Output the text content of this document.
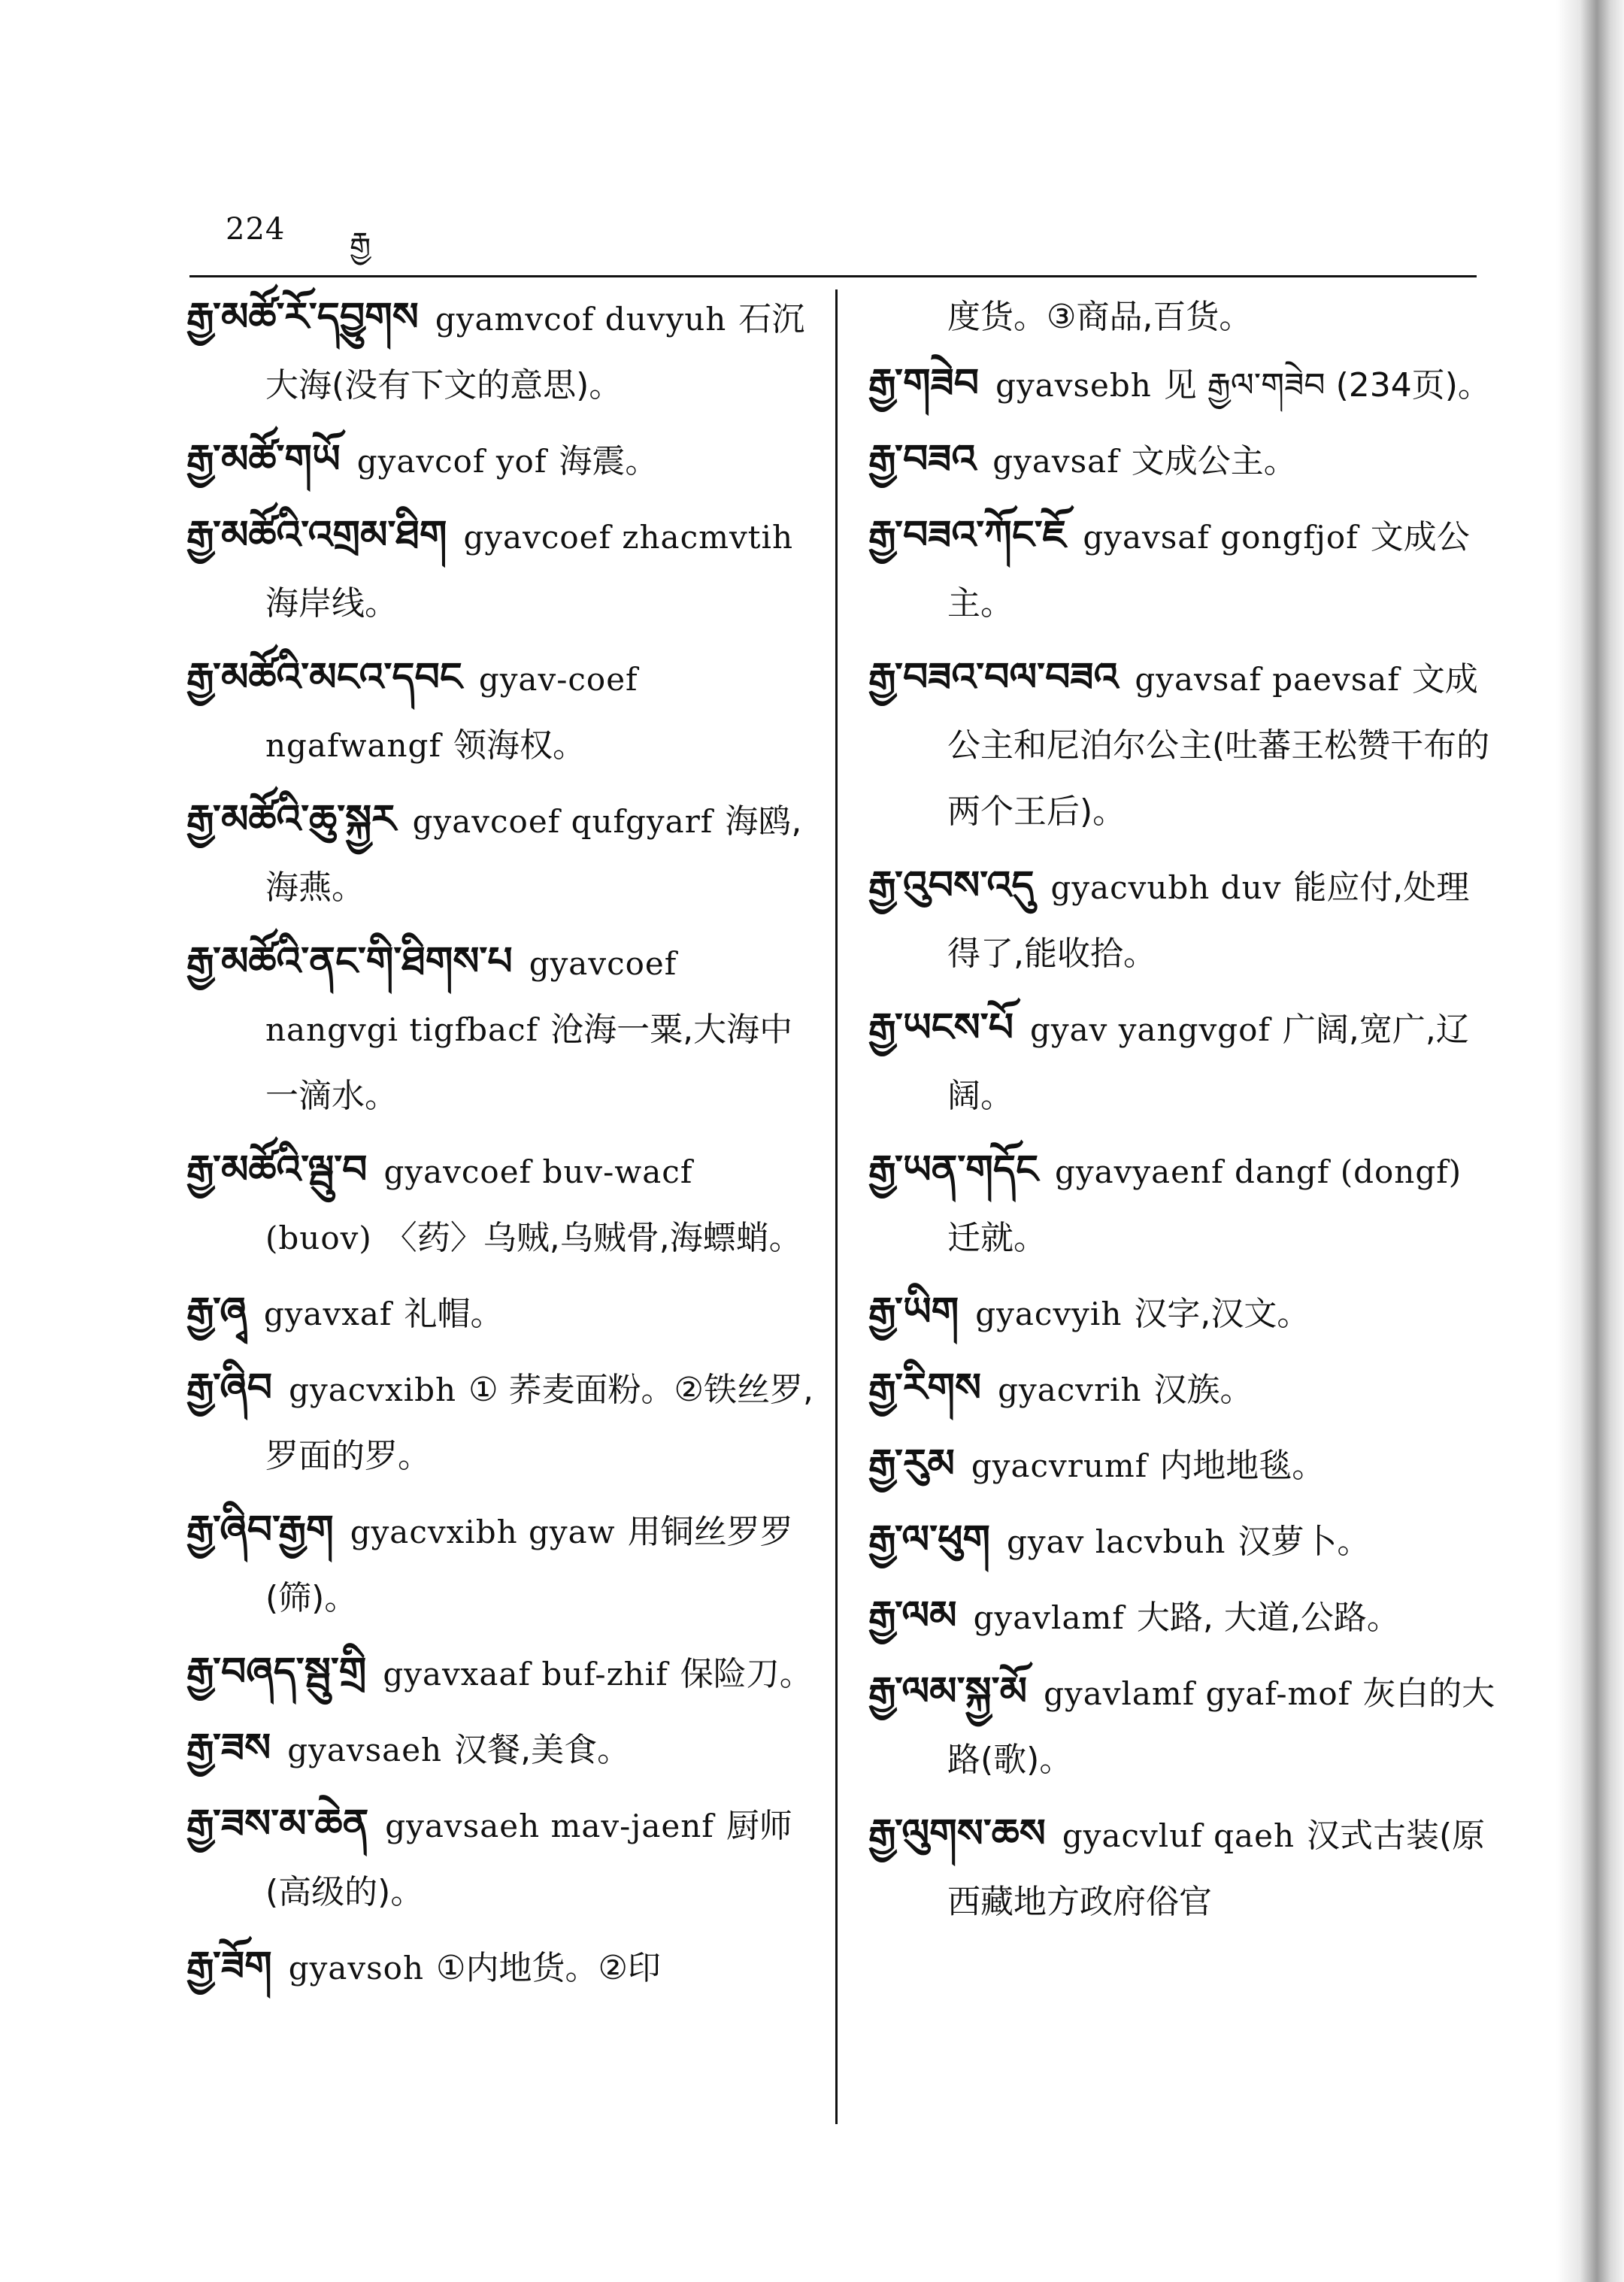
224 རྒྱ
རྒྱ་མཚོ་རོ་དབྱུགས gyamvcof duvyuh 石沉大海(没有下文的意思)。
རྒྱ་མཚོ་གཡོ gyavcof yof 海震。
རྒྱ་མཚོའི་འགྲམ་ཐིག gyavcoef zhacmvtih海岸线。
རྒྱ་མཚོའི་མངའ་དབང gyav-coef ngafwangf 领海权。
རྒྱ་མཚོའི་ཆུ་སྐྱར gyavcoef qufgyarf 海鸥,海燕。
རྒྱ་མཚོའི་ནང་གི་ཐིགས་པ gyavcoef nangvgi tigfbacf 沧海一粟,大海中一滴水。
རྒྱ་མཚོའི་ལྦུ་བ gyavcoef buv-wacf (buov) 〈药〉乌贼,乌贼骨,海螵蛸。
རྒྱ་ཞྭ gyavxaf 礼帽。
རྒྱ་ཞིབ gyacvxibh ① 荞麦面粉。②铁丝罗,罗面的罗。
རྒྱ་ཞིབ་རྒྱག gyacvxibh gyaw 用铜丝罗罗(筛)。
རྒྱ་བཞད་སྦུ་གྲི gyavxaaf buf-zhif 保险刀。
རྒྱ་ཟས gyavsaeh 汉餐,美食。
རྒྱ་ཟས་མ་ཆེན gyavsaeh mav-jaenf 厨师(高级的)。
རྒྱ་ཟོག gyavsoh ①内地货。②印

度货。③商品,百货。

རྒྱ་གཟེབ gyavsebh 见 རྒྱལ་གཟེབ (234页)。
རྒྱ་བཟའ gyavsaf 文成公主。
རྒྱ་བཟའ་ཀོང་ཇོ gyavsaf gongfjof 文成公主。
རྒྱ་བཟའ་བལ་བཟའ gyavsaf paevsaf 文成公主和尼泊尔公主(吐蕃王松赞干布的两个王后)。
རྒྱ་འུབས་འདུ gyacvubh duv 能应付,处理得了,能收拾。
རྒྱ་ཡངས་པོ gyav yangvgof 广阔,宽广,辽阔。
རྒྱ་ཡན་གདོང gyavyaenf dangf (dongf)迁就。
རྒྱ་ཡིག gyacvyih 汉字,汉文。
རྒྱ་རིགས gyacvrih 汉族。
རྒྱ་རུམ gyacvrumf 内地地毯。
རྒྱ་ལ་ཕུག gyav lacvbuh 汉萝卜。
རྒྱ་ལམ gyavlamf 大路, 大道,公路。
རྒྱ་ལམ་སྐྱ་མོ gyavlamf gyaf-mof 灰白的大路(歌)。
རྒྱ་ལུགས་ཆས gyacvluf qaeh 汉式古装(原西藏地方政府俗官
